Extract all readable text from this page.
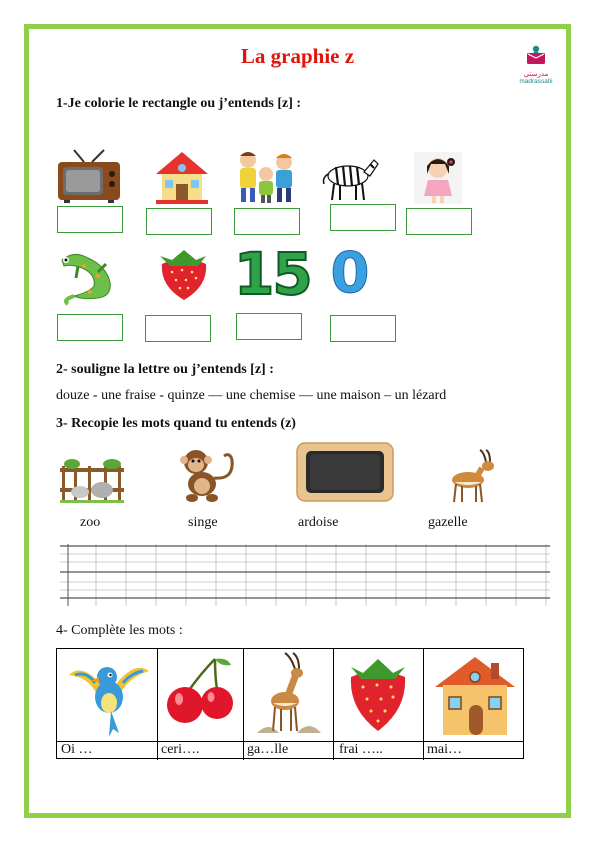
La graphie z
مدرستي
madrassatii
1-Je colorie le rectangle ou j’entends [z] :
15 0
2- souligne la lettre ou j’entends [z] :
douze - une fraise - quinze — une chemise — une maison – un lézard
3- Recopie les mots quand tu entends (z)
zoo	singe	ardoise	gazelle
4- Complète les mots :
Oi …	ceri….	ga…lle	frai …..	mai…
